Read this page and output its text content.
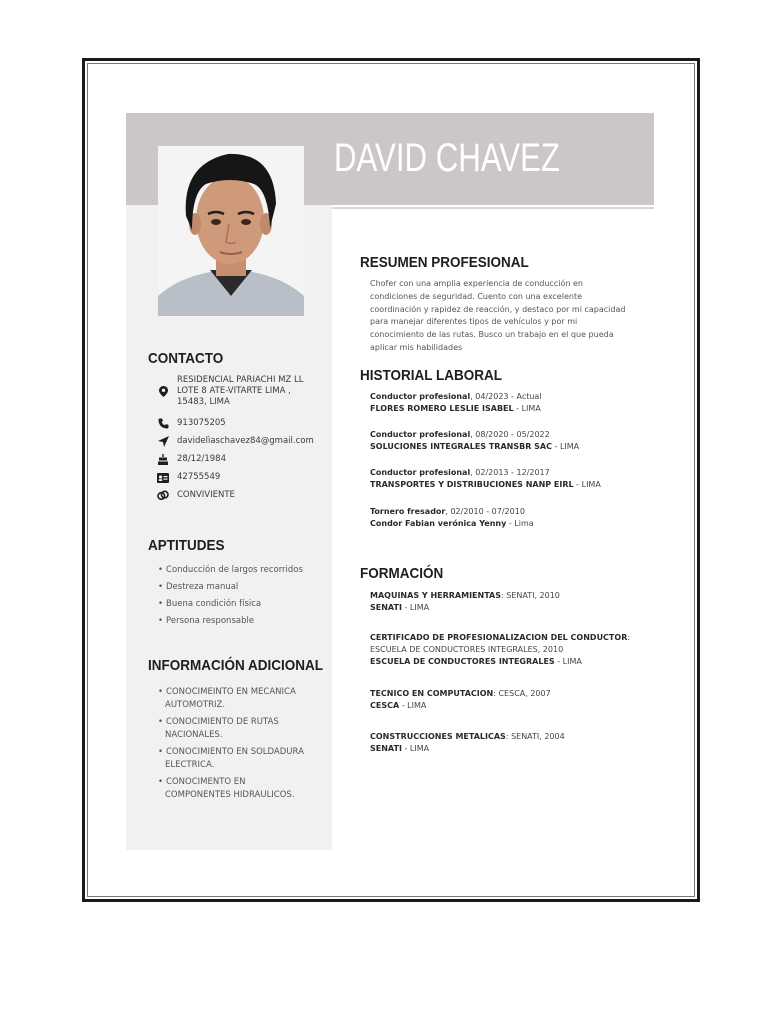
DAVID CHAVEZ
CONTACTO
RESIDENCIAL PARIACHI MZ LL LOTE 8 ATE-VITARTE LIMA , 15483, LIMA
913075205
davidelìaschavez84@gmail.com
28/12/1984
42755549
CONVIVIENTE
APTITUDES
• Conducción de largos recorridos
• Destreza manual
• Buena condición física
• Persona responsable
INFORMACIÓN ADICIONAL
• CONOCIMEINTO EN MECANICA AUTOMOTRIZ.
• CONOCIMIENTO DE RUTAS NACIONALES.
• CONOCIMIENTO EN SOLDADURA ELECTRICA.
• CONOCIMENTO EN COMPONENTES HIDRAULICOS.
RESUMEN PROFESIONAL
Chofer con una amplia experiencia de conducción en condiciones de seguridad. Cuento con una excelente coordinación y rapidez de reacción, y destaco por mi capacidad para manejar diferentes tipos de vehículos y por mi conocimiento de las rutas. Busco un trabajo en el que pueda aplicar mis habilidades
HISTORIAL LABORAL
Conductor profesional, 04/2023 - Actual
FLORES ROMERO LESLIE ISABEL - LIMA
Conductor profesional, 08/2020 - 05/2022
SOLUCIONES INTEGRALES TRANSBR SAC - LIMA
Conductor profesional, 02/2013 - 12/2017
TRANSPORTES Y DISTRIBUCIONES NANP EIRL - LIMA
Tornero fresador, 02/2010 - 07/2010
Condor Fabian verónica Yenny - Lima
FORMACIÓN
MAQUINAS Y HERRAMIENTAS: SENATI, 2010
SENATI - LIMA
CERTIFICADO DE PROFESIONALIZACION DEL CONDUCTOR: ESCUELA DE CONDUCTORES INTEGRALES, 2010
ESCUELA DE CONDUCTORES INTEGRALES - LIMA
TECNICO EN COMPUTACION: CESCA, 2007
CESCA - LIMA
CONSTRUCCIONES METALICAS: SENATI, 2004
SENATI - LIMA
